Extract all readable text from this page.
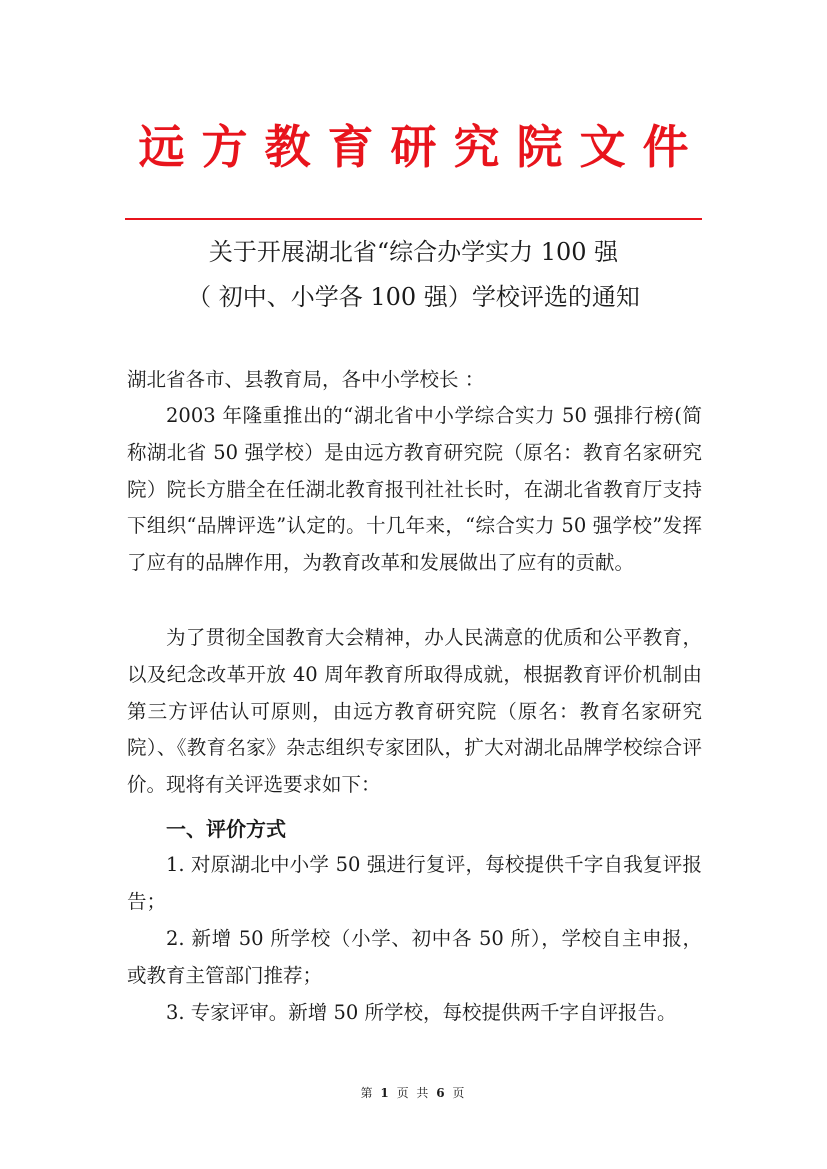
远方教育研究院文件
关于开展湖北省“综合办学实力 100 强
（ 初中、小学各 100 强）学校评选的通知
湖北省各市、县教育局，各中小学校长 ：
2003 年隆重推出的“湖北省中小学综合实力 50 强排行榜(简称湖北省 50 强学校）是由远方教育研究院（原名：教育名家研究院）院长方腊全在任湖北教育报刊社社长时，在湖北省教育厅支持下组织“品牌评选”认定的。十几年来，“综合实力 50 强学校”发挥了应有的品牌作用，为教育改革和发展做出了应有的贡献。
为了贯彻全国教育大会精神，办人民满意的优质和公平教育，以及纪念改革开放 40 周年教育所取得成就，根据教育评价机制由第三方评估认可原则，由远方教育研究院（原名：教育名家研究院）、《教育名家》杂志组织专家团队，扩大对湖北品牌学校综合评价。现将有关评选要求如下：
一、评价方式
1. 对原湖北中小学 50 强进行复评，每校提供千字自我复评报告；
2. 新增 50 所学校（小学、初中各 50 所），学校自主申报，或教育主管部门推荐；
3. 专家评审。新增 50 所学校，每校提供两千字自评报告。
第 1 页 共 6 页
